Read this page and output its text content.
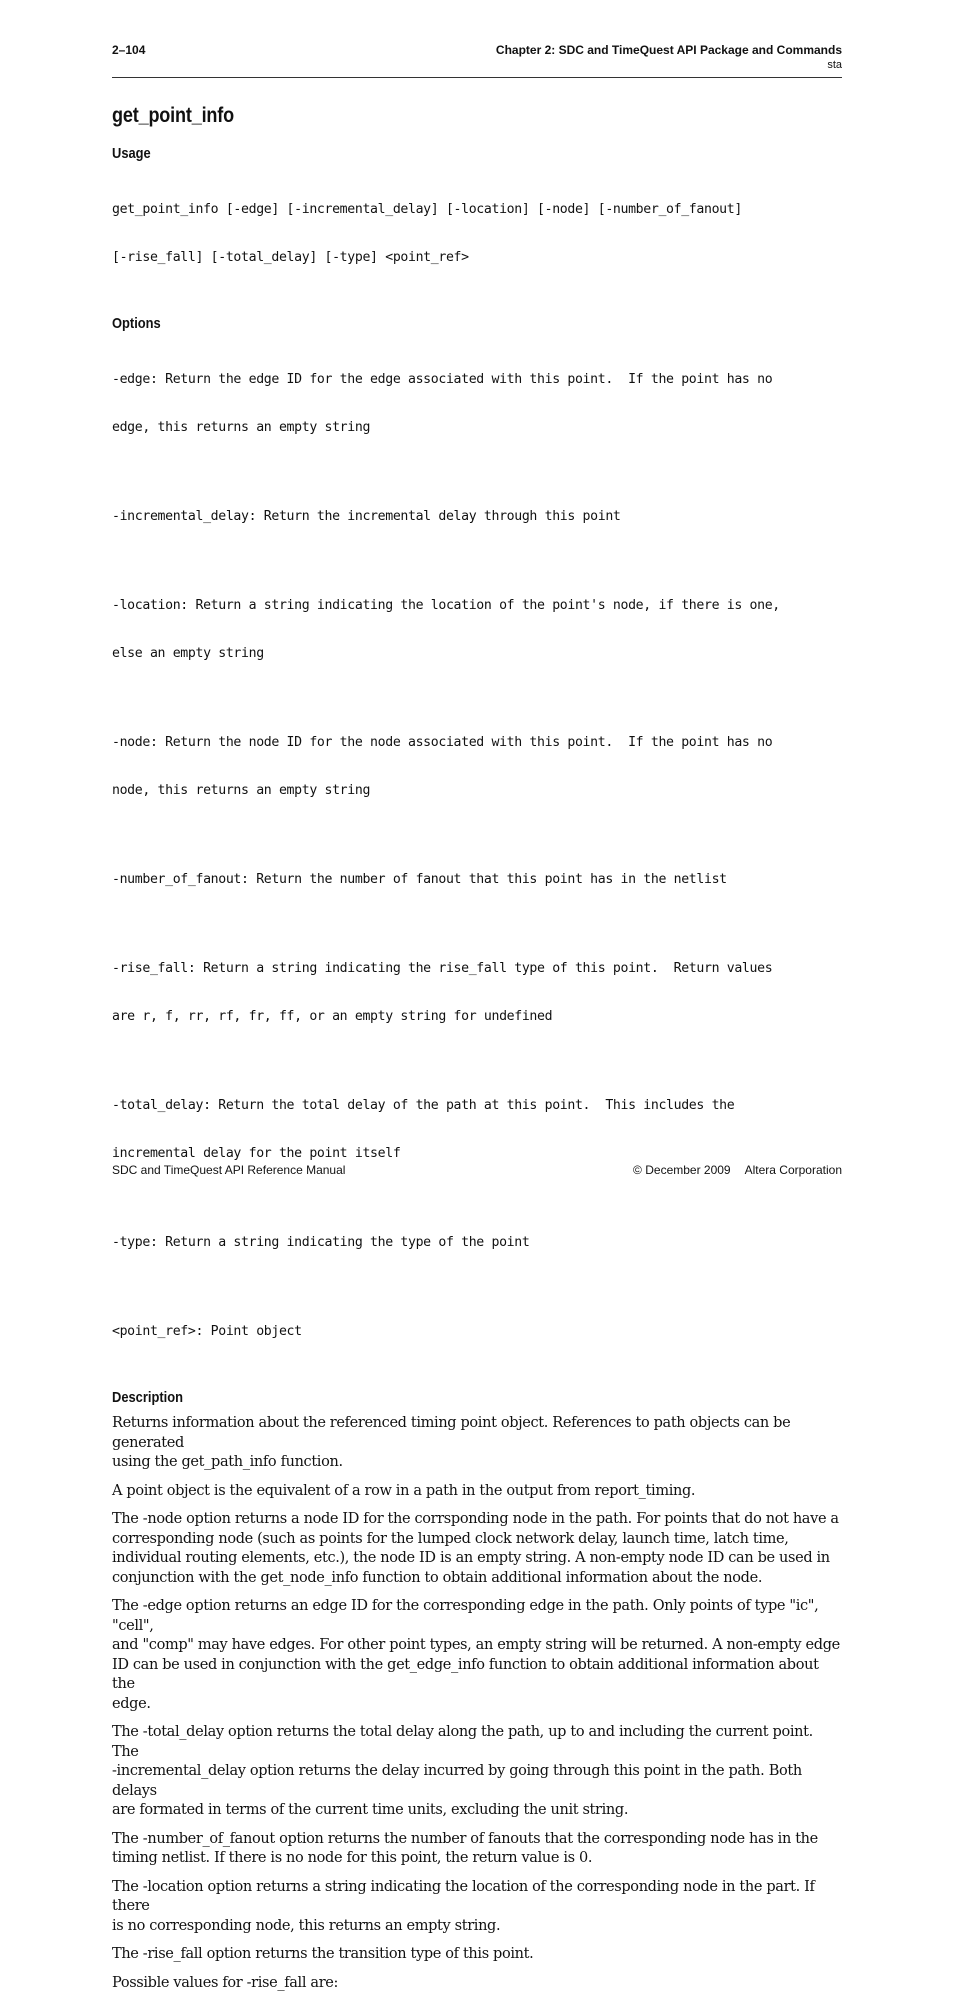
2–104	Chapter 2: SDC and TimeQuest API Package and Commands
sta
get_point_info
Usage

get_point_info [-edge] [-incremental_delay] [-location] [-node] [-number_of_fanout]

[-rise_fall] [-total_delay] [-type] <point_ref>

Options

-edge: Return the edge ID for the edge associated with this point.  If the point has no

edge, this returns an empty string

-incremental_delay: Return the incremental delay through this point

-location: Return a string indicating the location of the point's node, if there is one,

else an empty string

-node: Return the node ID for the node associated with this point.  If the point has no

node, this returns an empty string

-number_of_fanout: Return the number of fanout that this point has in the netlist

-rise_fall: Return a string indicating the rise_fall type of this point.  Return values

are r, f, rr, rf, fr, ff, or an empty string for undefined

-total_delay: Return the total delay of the path at this point.  This includes the

incremental delay for the point itself

-type: Return a string indicating the type of the point

<point_ref>: Point object

Description
Returns information about the referenced timing point object. References to path objects can be generated
using the get_path_info function.
A point object is the equivalent of a row in a path in the output from report_timing.
The -node option returns a node ID for the corrsponding node in the path. For points that do not have a
corresponding node (such as points for the lumped clock network delay, launch time, latch time,
individual routing elements, etc.), the node ID is an empty string. A non-empty node ID can be used in
conjunction with the get_node_info function to obtain additional information about the node.
The -edge option returns an edge ID for the corresponding edge in the path. Only points of type "ic", "cell",
and "comp" may have edges. For other point types, an empty string will be returned. A non-empty edge
ID can be used in conjunction with the get_edge_info function to obtain additional information about the
edge.
The -total_delay option returns the total delay along the path, up to and including the current point. The
-incremental_delay option returns the delay incurred by going through this point in the path. Both delays
are formated in terms of the current time units, excluding the unit string.
The -number_of_fanout option returns the number of fanouts that the corresponding node has in the
timing netlist. If there is no node for this point, the return value is 0.
The -location option returns a string indicating the location of the corresponding node in the part. If there
is no corresponding node, this returns an empty string.
The -rise_fall option returns the transition type of this point.
Possible values for -rise_fall are:
SDC and TimeQuest API Reference Manual	© December 2009 Altera Corporation
